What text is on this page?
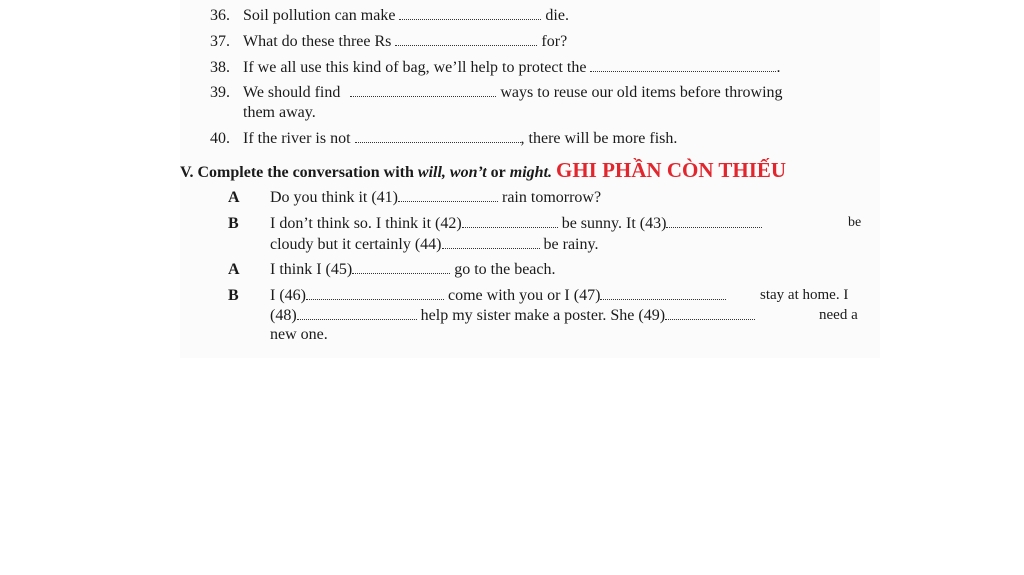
36. Soil pollution can make	die.
37. What do these three Rs	for?
38. If we all use this kind of bag, we’ll help to protect the	.
39. We should find	ways to reuse our old items before throwing
them away.
40. If the river is not	, there will be more fish.
V. Complete the conversation with will, won’t or might. GHI PHẦN CÒN THIẾU
A Do you think it (41)	rain tomorrow?
B I don’t think so. I think it (42)	be sunny. It (43)	be
cloudy but it certainly (44)	be rainy.
A I think I (45)	go to the beach.
B I (46)	come with you or I (47)	stay at home. I
(48)	help my sister make a poster. She (49)	need a
new one.
